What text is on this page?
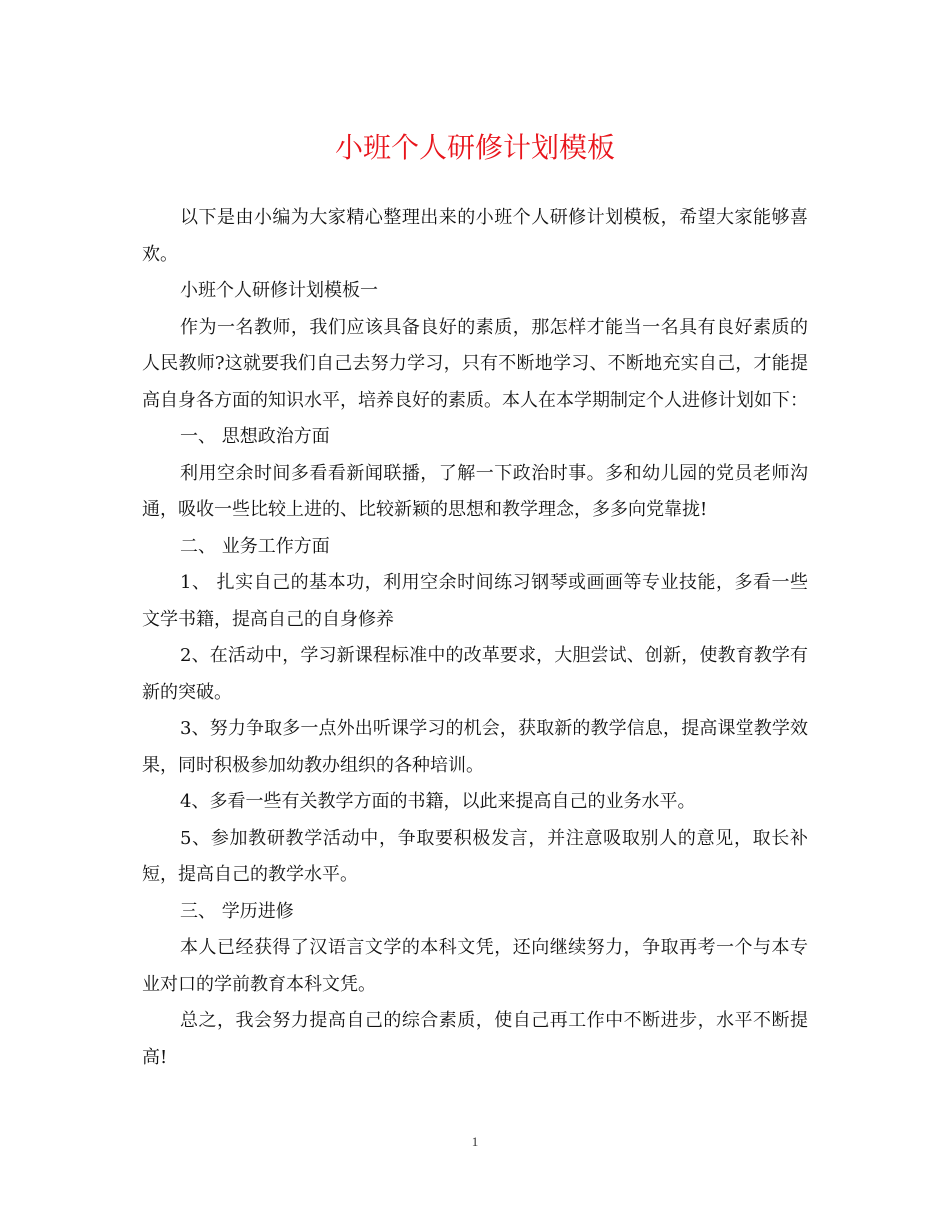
小班个人研修计划模板

以下是由小编为大家精心整理出来的小班个人研修计划模板，希望大家能够喜欢。

小班个人研修计划模板一

作为一名教师，我们应该具备良好的素质，那怎样才能当一名具有良好素质的人民教师?这就要我们自己去努力学习，只有不断地学习、不断地充实自己，才能提高自身各方面的知识水平，培养良好的素质。本人在本学期制定个人进修计划如下：

一、 思想政治方面

利用空余时间多看看新闻联播，了解一下政治时事。多和幼儿园的党员老师沟通，吸收一些比较上进的、比较新颖的思想和教学理念，多多向党靠拢!

二、 业务工作方面

1、 扎实自己的基本功，利用空余时间练习钢琴或画画等专业技能，多看一些文学书籍，提高自己的自身修养

2、在活动中，学习新课程标准中的改革要求，大胆尝试、创新，使教育教学有新的突破。

3、努力争取多一点外出听课学习的机会，获取新的教学信息，提高课堂教学效果，同时积极参加幼教办组织的各种培训。

4、多看一些有关教学方面的书籍，以此来提高自己的业务水平。

5、参加教研教学活动中，争取要积极发言，并注意吸取别人的意见，取长补短，提高自己的教学水平。

三、 学历进修

本人已经获得了汉语言文学的本科文凭，还向继续努力，争取再考一个与本专业对口的学前教育本科文凭。

总之，我会努力提高自己的综合素质，使自己再工作中不断进步，水平不断提高!

1
